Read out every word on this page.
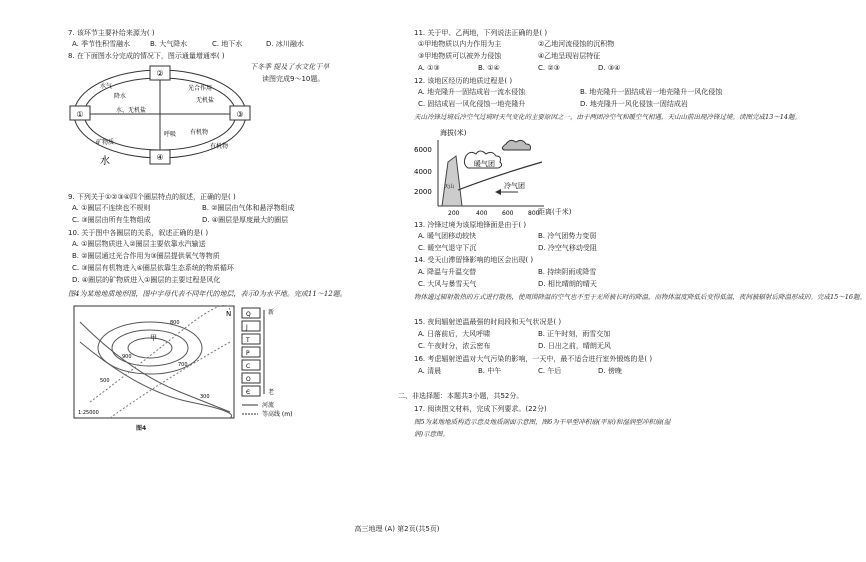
7. 该环节主要补给来源为( )
A. 季节性积雪融水	B. 大气降水	C. 地下水	D. 冰川融水
8. 在下面图水分完成的情况下，图示通量增通率( )
下冬季 提及了水文化干旱
读图完成9～10题。
②
④
①	③
水气
降水
光合作用
无机盐
矿物质
有机物
水、无机盐
呼吸
有机物
水
9. 下列关于①②③④四个圈层特点的叙述，正确的是( )
A. ①圈层不连续也不规则	B. ②圈层由气体和悬浮物组成
C. ③圈层由所有生物组成	D. ④圈层是厚度最大的圈层
10. 关于图中各圈层的关系，叙述正确的是( )
A. ①圈层物质进入②圈层主要依靠水汽输送
B. ②圈层通过光合作用为③圈层提供氧气等物质
C. ③圈层有机物进入④圈层依靠生态系统的物质循环
D. ④圈层的矿物质进入①圈层的主要过程是风化
图4为某地地质地形图，图中字母代表不同年代的地层，表示0为水平地。完成11～12题。
甲
900
700
500
300
800
1:25000
N Q
J
T
P
C
O
Є
新
老
河流
等高线 (m)
图4
11. 关于甲、乙两地，下列说法正确的是( )
①甲地物质以内力作用为主	②乙地河流侵蚀的沉积物
③甲地物质可以被外力侵蚀	④乙地呈现岩层特征
A. ①③	B. ①④	C. ②③	D. ③④
12. 该地区经历的地质过程是( )
A. 地壳隆升一固结成岩一流水侵蚀	B. 地壳隆升一固结成岩一地壳隆升一风化侵蚀
C. 固结成岩一风化侵蚀一地壳隆升	D. 地壳隆升一风化侵蚀一固结成岩
天山冷锋过境后冷空气过境时天气变化的主要原因之一，由于两团冷空气和暖空气相遇，天山山前出现冷锋过境。读图完成13～14题。
海拔(米)
6000
4000
2000
天山
暖气团
冷气团
200	400 600 800
距离(千米)
13. 冷锋过境为该原地锋面是由于( )
A. 暖气团移动较快	B. 冷气团势力变弱
C. 暖空气退守下沉	D. 冷空气移动受阻
14. 受天山滞留锋影响的地区会出现( )
A. 降温与升温交替	B. 持续阴雨或降雪
C. 大风与暴雪天气	D. 相比晴朗的晴天
物体通过辐射散热的方式进行散热，使周围降温的空气也不至于无所被长时的降温，而物体温度降低后变得低温，夜间被辐射后降温形成的。完成15～16题。
15. 夜间辐射逆温最强的时间段和天气状况是( )
A. 日落前后，大风呼啸	B. 正午时刻，雨雪交加
C. 午夜时分，浓云密布	D. 日出之前，晴朗无风
16. 考虑辐射逆温对大气污染的影响，一天中，最不适合进行室外锻炼的是( )
A. 清晨	B. 中午	C. 午后	D. 傍晚
二、非选择题：本题共3小题，共52分。
17. 阅读图文材料，完成下列要求。(22分)
图5为某地地质构造示意及地质剖面示意图，图6为干旱型冲积扇(平原)和湿润型冲积扇(湿
润)示意图。
高三地理 (A) 第2页(共5页)
